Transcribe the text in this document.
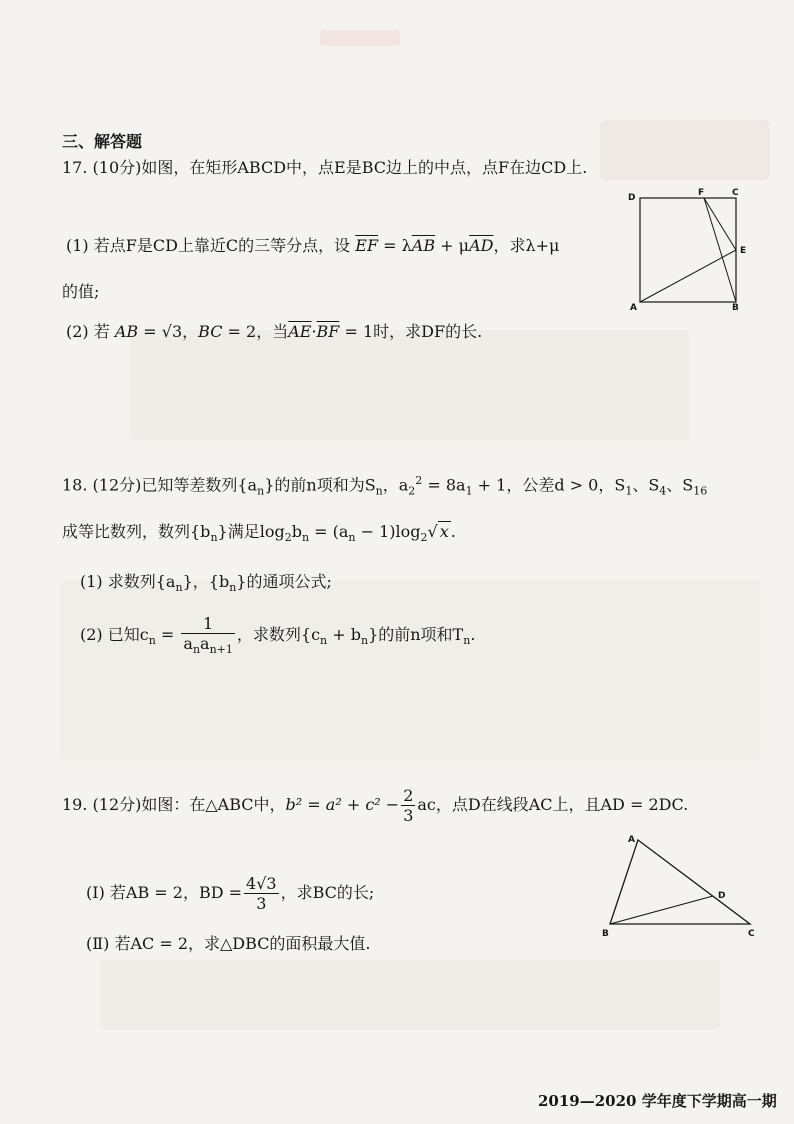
三、解答题
17. (10分)如图，在矩形ABCD中，点E是BC边上的中点，点F在边CD上.
(1) 若点F是CD上靠近C的三等分点，设 $\overline{EF} = \lambda\overline{AB} + \mu\overline{AD}$，求λ+μ
的值;
(2) 若 AB = √3，BC = 2，当$\overline{AE}\cdot\overline{BF} = 1$时，求DF的长.
D	F	C
E
A	B
18. (12分)已知等差数列$\{a_n\}$的前n项和为$S_n$，$a_2^2 = 8a_1 + 1$，公差d > 0，$S_1$、$S_4$、$S_{16}$
成等比数列，数列$\{b_n\}$满足$\log_2b_n = (a_n - 1)\log_2√$ x .
(1) 求数列$\{a_n\}$，$\{b_n\}$的通项公式;
(2) 已知$c_n = \frac{1}{a_na_{n+1}}$ ，求数列$\{c_n + b_n\}$的前n项和$T_n$.
19. (12分)如图：在△ABC中，$b^2 = a^2 + c^2 - \frac{2}{3}$ ac，点D在线段AC上，且AD = 2DC.
(Ⅰ) 若AB = 2，BD = $\frac{4√3}{3}$ ，求BC的长;
(Ⅱ) 若AC = 2，求△DBC的面积最大值.
A
D
B	C
2019—2020 学年度下学期高一期
